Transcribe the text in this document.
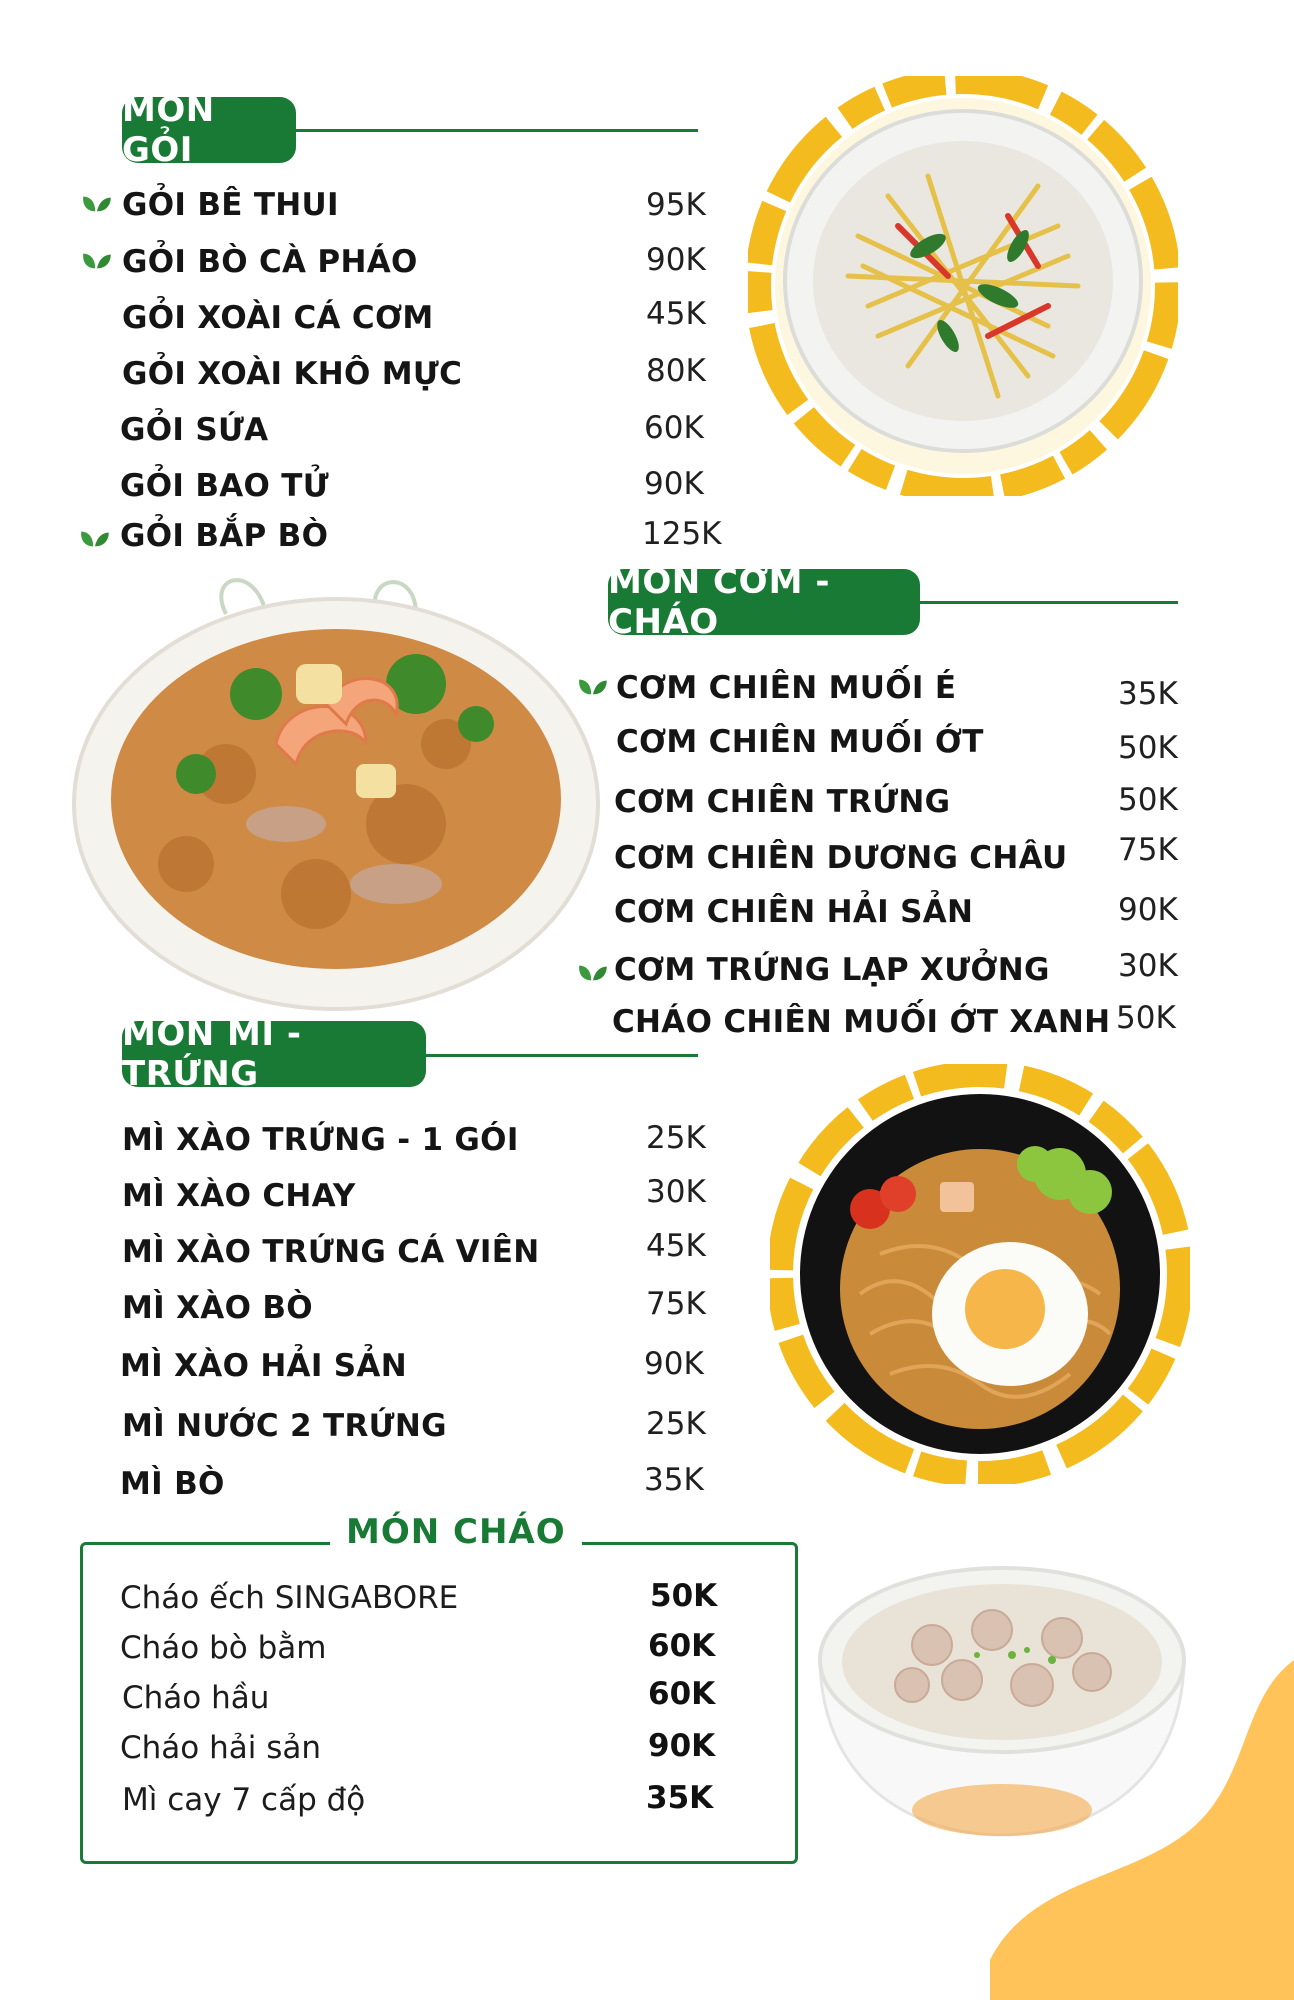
MÓN GỎI
MÓN CƠM - CHÁO
MÓN MÌ - TRỨNG
MÓN CHÁO
GỎI BÊ THUI	95K
GỎI BÒ CÀ PHÁO	90K
GỎI XOÀI CÁ CƠM	45K
GỎI XOÀI KHÔ MỰC	80K
GỎI SỨA	60K
GỎI BAO TỬ	90K
GỎI BẮP BÒ	125K
CƠM CHIÊN MUỐI É	35K
CƠM CHIÊN MUỐI ỚT	50K
CƠM CHIÊN TRỨNG	50K
CƠM CHIÊN DƯƠNG CHÂU 75K
CƠM CHIÊN HẢI SẢN	90K
CƠM TRỨNG LẠP XƯỞNG 30K
CHÁO CHIÊN MUỐI ỚT XANH 50K
MÌ XÀO TRỨNG - 1 GÓI	25K
MÌ XÀO CHAY	30K
MÌ XÀO TRỨNG CÁ VIÊN	45K
MÌ XÀO BÒ	75K
MÌ XÀO HẢI SẢN	90K
MÌ NƯỚC 2 TRỨNG	25K
MÌ BÒ	35K
Cháo ếch SINGABORE	50K
Cháo bò bằm	60K
Cháo hầu	60K
Cháo hải sản	90K
Mì cay 7 cấp độ	35K
